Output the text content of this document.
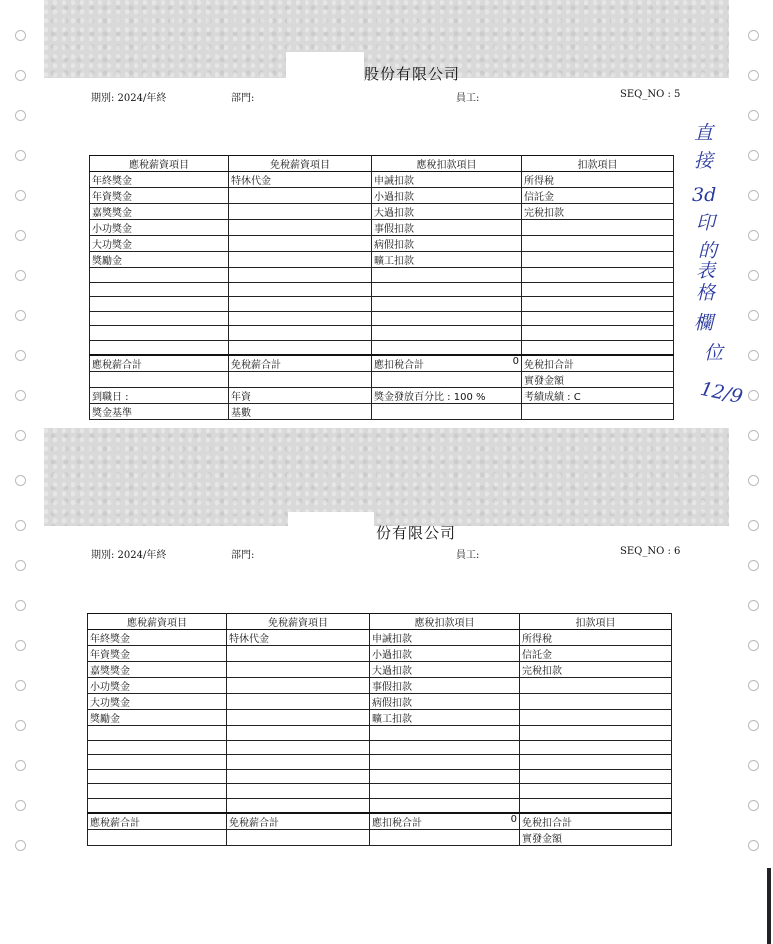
股份有限公司
期別: 2024/年終	部門:	員工:	SEQ_NO : 5
應稅薪資項目	免稅薪資項目	應稅扣款項目	扣款項目
年終獎金	特休代金	申誡扣款	所得稅
年資獎金		小過扣款	信託金
嘉獎獎金		大過扣款	完稅扣款
小功獎金		事假扣款	
大功獎金		病假扣款	
獎勵金		曠工扣款	

應稅薪合計	免稅薪合計	應扣稅合計 0	免稅扣合計
			實發金額
到職日 :	年資	獎金發放百分比 : 100 %	考績成績 : C
獎金基準	基數		
份有限公司
期別: 2024/年終	部門:	員工:	SEQ_NO : 6
應稅薪資項目	免稅薪資項目	應稅扣款項目	扣款項目
年終獎金	特休代金	申誡扣款	所得稅
年資獎金		小過扣款	信託金
嘉獎獎金		大過扣款	完稅扣款
小功獎金		事假扣款	
大功獎金		病假扣款	
獎勵金		曠工扣款	

應稅薪合計	免稅薪合計	應扣稅合計 0	免稅扣合計
			實發金額
直
接
3d
印
的
表
格
欄
位
12/9
